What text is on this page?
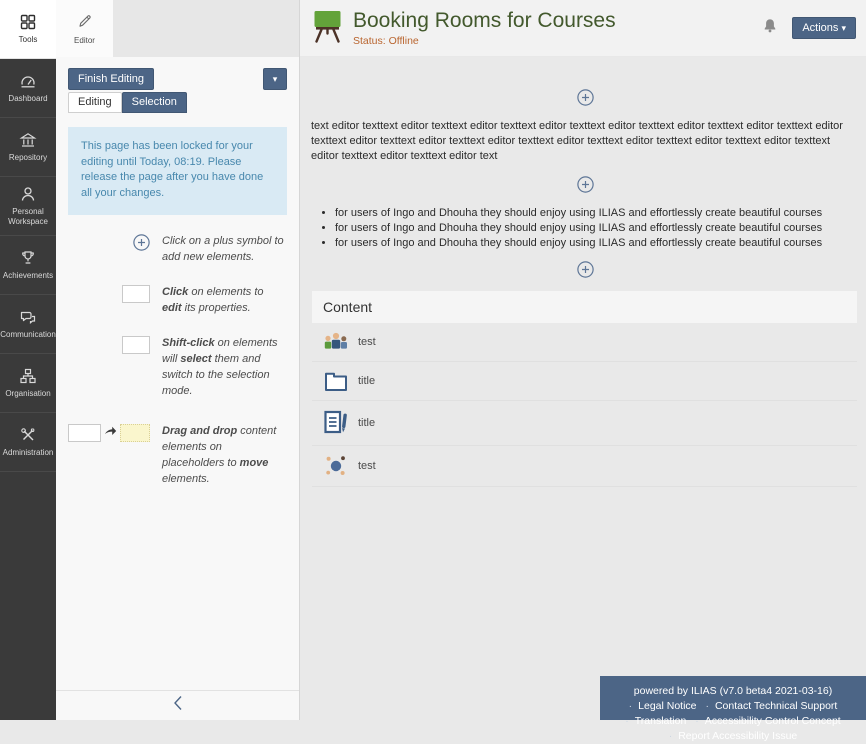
Tools
Dashboard
Repository
Personal Workspace
Achievements
Communication
Organisation
Administration
Editor
Finish Editing	▾
Editing	Selection
This page has been locked for your editing until Today, 08:19. Please release the page after you have done all your changes.
Click on a plus symbol to add new elements.
Click on elements to edit its properties.
Shift-click on elements will select them and switch to the selection mode.
Drag and drop content elements on placeholders to move elements.
Booking Rooms for Courses
Status: Offline
Actions ▾

text editor texttext editor texttext editor texttext editor texttext editor texttext editor texttext editor texttext editor texttext editor texttext editor texttext editor texttext editor texttext editor texttext editor texttext editor texttext editor texttext editor texttext editor text

• for users of Ingo and Dhouha they should enjoy using ILIAS and effortlessly create beautiful courses
• for users of Ingo and Dhouha they should enjoy using ILIAS and effortlessly create beautiful courses
• for users of Ingo and Dhouha they should enjoy using ILIAS and effortlessly create beautiful courses
Content
test
title
title
test
powered by ILIAS (v7.0 beta4 2021-03-16)
· Legal Notice · Contact Technical Support · Translation · Accessibility Control Concept · Report Accessibility Issue
